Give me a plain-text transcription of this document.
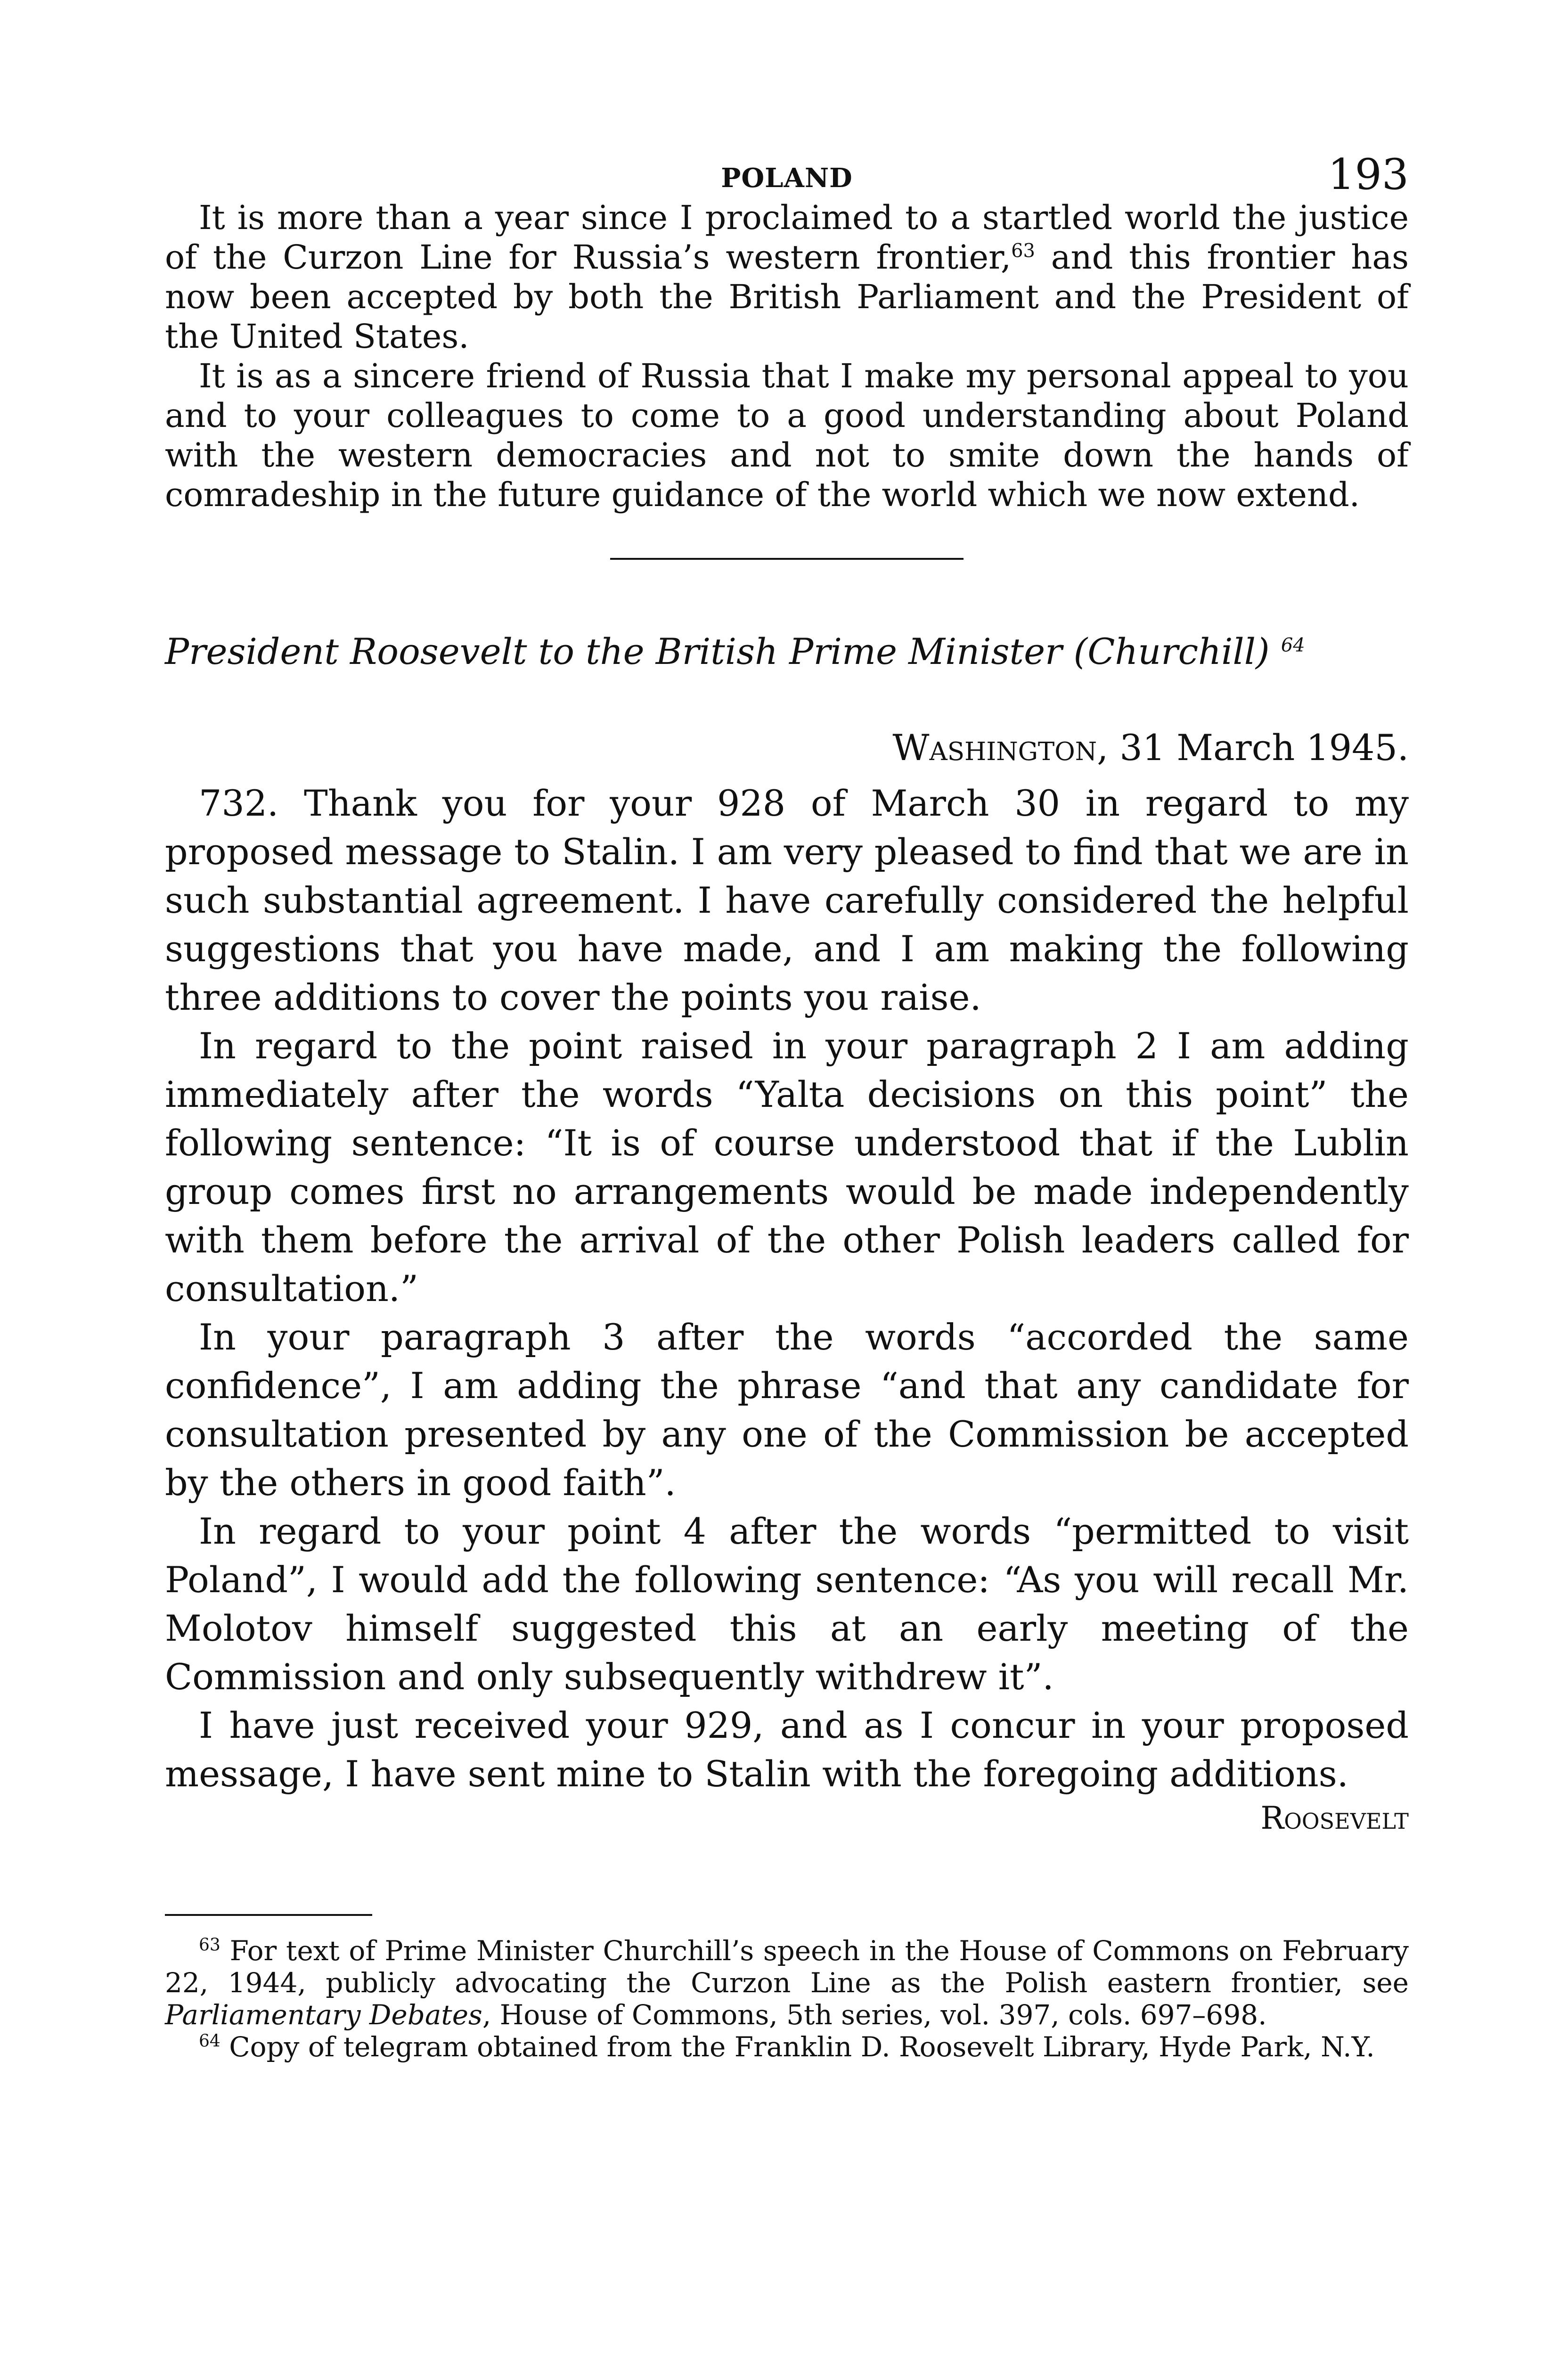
POLAND	193

It is more than a year since I proclaimed to a startled world the justice of the Curzon Line for Russia’s western frontier,$^{63}$ and this frontier has now been accepted by both the British Parliament and the President of the United States.

It is as a sincere friend of Russia that I make my personal appeal to you and to your colleagues to come to a good understanding about Poland with the western democracies and not to smite down the hands of comradeship in the future guidance of the world which we now extend.

President Roosevelt to the British Prime Minister (Churchill) $^{64}$
Washington, 31 March 1945.

732. Thank you for your 928 of March 30 in regard to my proposed message to Stalin. I am very pleased to find that we are in such substantial agreement. I have carefully considered the helpful suggestions that you have made, and I am making the following three additions to cover the points you raise.

In regard to the point raised in your paragraph 2 I am adding immediately after the words “Yalta decisions on this point” the following sentence: “It is of course understood that if the Lublin group comes first no arrangements would be made independently with them before the arrival of the other Polish leaders called for consultation.”

In your paragraph 3 after the words “accorded the same confidence”, I am adding the phrase “and that any candidate for consultation presented by any one of the Commission be accepted by the others in good faith”.

In regard to your point 4 after the words “permitted to visit Poland”, I would add the following sentence: “As you will recall Mr. Molotov himself suggested this at an early meeting of the Commission and only subsequently withdrew it”.

I have just received your 929, and as I concur in your proposed message, I have sent mine to Stalin with the foregoing additions.

Roosevelt

$^{63}$ For text of Prime Minister Churchill’s speech in the House of Commons on February 22, 1944, publicly advocating the Curzon Line as the Polish eastern frontier, see Parliamentary Debates, House of Commons, 5th series, vol. 397, cols. 697–698.

$^{64}$ Copy of telegram obtained from the Franklin D. Roosevelt Library, Hyde Park, N.Y.
